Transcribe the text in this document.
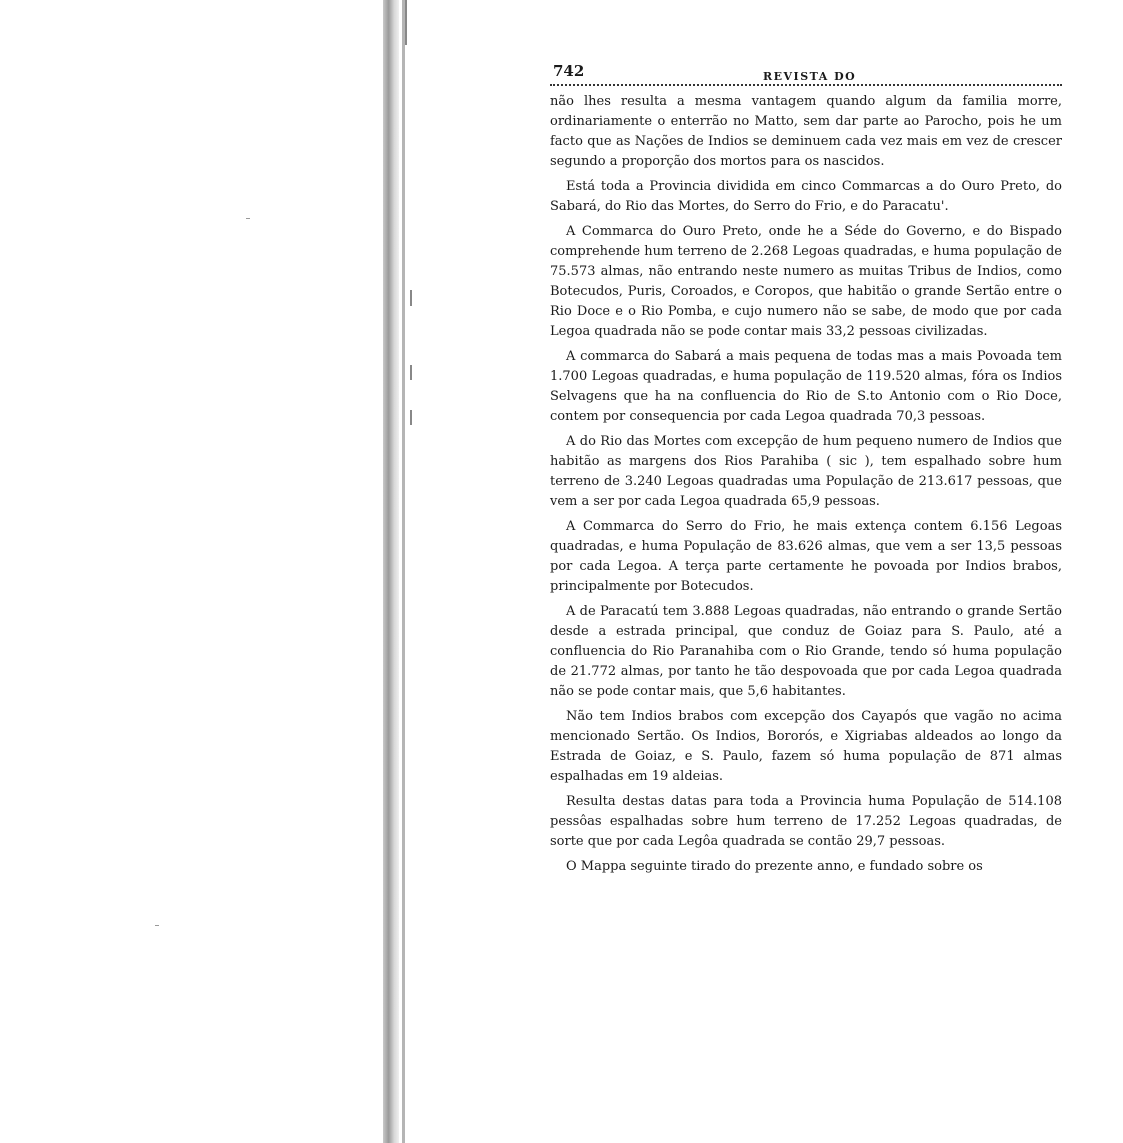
742	REVISTA DO

não lhes resulta a mesma vantagem quando algum da familia morre, ordinariamente o enterrão no Matto, sem dar parte ao Parocho, pois he um facto que as Nações de Indios se deminuem cada vez mais em vez de crescer segundo a proporção dos mortos para os nascidos.

Está toda a Provincia dividida em cinco Commarcas a do Ouro Preto, do Sabará, do Rio das Mortes, do Serro do Frio, e do Paracatu'.

A Commarca do Ouro Preto, onde he a Séde do Governo, e do Bispado comprehende hum terreno de 2.268 Legoas quadradas, e huma população de 75.573 almas, não entrando neste numero as muitas Tribus de Indios, como Botecudos, Puris, Coroados, e Coropos, que habitão o grande Sertão entre o Rio Doce e o Rio Pomba, e cujo numero não se sabe, de modo que por cada Legoa quadrada não se pode contar mais 33,2 pessoas civilizadas.

A commarca do Sabará a mais pequena de todas mas a mais Povoada tem 1.700 Legoas quadradas, e huma população de 119.520 almas, fóra os Indios Selvagens que ha na confluencia do Rio de S.to Antonio com o Rio Doce, contem por consequencia por cada Legoa quadrada 70,3 pessoas.

A do Rio das Mortes com excepção de hum pequeno numero de Indios que habitão as margens dos Rios Parahiba ( sic ), tem espalhado sobre hum terreno de 3.240 Legoas quadradas uma População de 213.617 pessoas, que vem a ser por cada Legoa quadrada 65,9 pessoas.

A Commarca do Serro do Frio, he mais extença contem 6.156 Legoas quadradas, e huma População de 83.626 almas, que vem a ser 13,5 pessoas por cada Legoa. A terça parte certamente he povoada por Indios brabos, principalmente por Botecudos.

A de Paracatú tem 3.888 Legoas quadradas, não entrando o grande Sertão desde a estrada principal, que conduz de Goiaz para S. Paulo, até a confluencia do Rio Paranahiba com o Rio Grande, tendo só huma população de 21.772 almas, por tanto he tão despovoada que por cada Legoa quadrada não se pode contar mais, que 5,6 habitantes.

Não tem Indios brabos com excepção dos Cayapós que vagão no acima mencionado Sertão. Os Indios, Bororós, e Xigriabas aldeados ao longo da Estrada de Goiaz, e S. Paulo, fazem só huma população de 871 almas espalhadas em 19 aldeias.

Resulta destas datas para toda a Provincia huma População de 514.108 pessôas espalhadas sobre hum terreno de 17.252 Legoas quadradas, de sorte que por cada Legôa quadrada se contão 29,7 pessoas.

O Mappa seguinte tirado do prezente anno, e fundado sobre os
